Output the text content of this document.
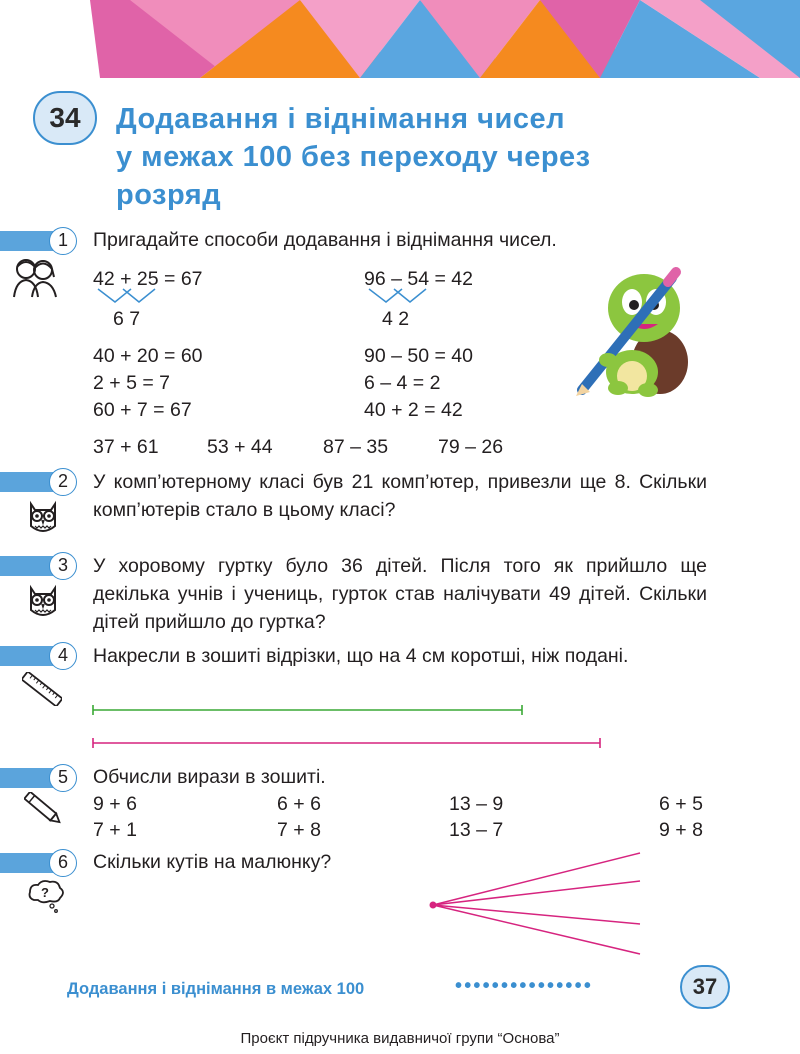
34	Додавання і віднімання чисел
у межах 100 без переходу через
розряд
1	Пригадайте способи додавання і віднімання чисел.
42 + 25 = 67
6 7
40 + 20 = 60
2 + 5 = 7
60 + 7 = 67
96 – 54 = 42
4 2
90 – 50 = 40
6 – 4 = 2
40 + 2 = 42
37 + 61 53 + 44	87 – 35	79 – 26
2	У комп’ютерному класі був 21 комп’ютер, привезли ще 8. Скільки комп’ютерів стало в цьому класі?
3	У хоровому гуртку було 36 дітей. Після того як прийшло ще декілька учнів і учениць, гурток став налічувати 49 дітей. Скільки дітей прийшло до гуртка?
4	Накресли в зошиті відрізки, що на 4 см коротші, ніж подані.
5	Обчисли вирази в зошиті.
9 + 6	6 + 6	13 – 9	6 + 5
7 + 1	7 + 8	13 – 7	9 + 8
6	Скільки кутів на малюнку?
?
Додавання і віднімання в межах 100	•••••••••••••••	37
Проєкт підручника видавничої групи “Основа”
